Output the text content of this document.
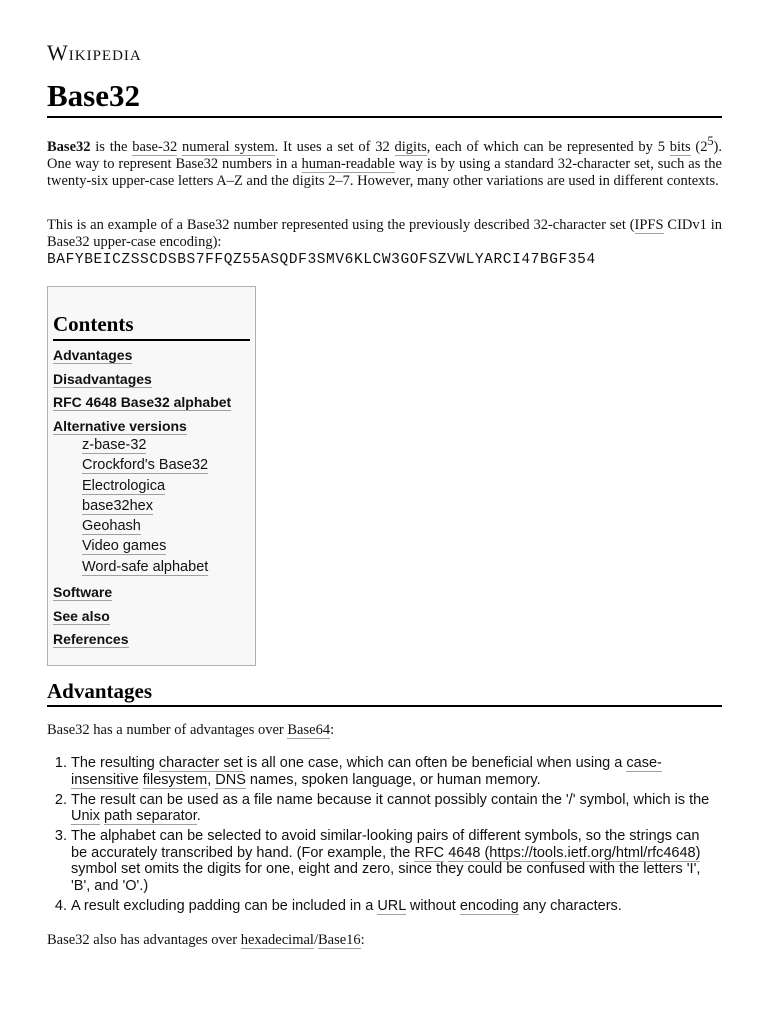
Wikipedia
Base32

Base32 is the base-32 numeral system. It uses a set of 32 digits, each of which can be represented by 5 bits $(2^5)$. One way to represent Base32 numbers in a human-readable way is by using a standard 32-character set, such as the twenty-six upper-case letters A–Z and the digits 2–7. However, many other variations are used in different contexts.

This is an example of a Base32 number represented using the previously described 32-character set (IPFS CIDv1 in Base32 upper-case encoding):
BAFYBEICZSSCDSBS7FFQZ55ASQDF3SMV6KLCW3GOFSZVWLYARCI47BGF354
Contents
Advantages
Disadvantages
RFC 4648 Base32 alphabet
Alternative versions
z-base-32
Crockford's Base32
Electrologica
base32hex
Geohash
Video games
Word-safe alphabet
Software
See also
References
Advantages

Base32 has a number of advantages over Base64:

1. The resulting character set is all one case, which can often be beneficial when using a case-insensitive filesystem, DNS names, spoken language, or human memory.
2. The result can be used as a file name because it cannot possibly contain the '/' symbol, which is the Unix path separator.
3. The alphabet can be selected to avoid similar-looking pairs of different symbols, so the strings can be accurately transcribed by hand. (For example, the RFC 4648 (https://tools.ietf.org/html/rfc4648) symbol set omits the digits for one, eight and zero, since they could be confused with the letters 'I', 'B', and 'O'.)
4. A result excluding padding can be included in a URL without encoding any characters.

Base32 also has advantages over hexadecimal/Base16:
